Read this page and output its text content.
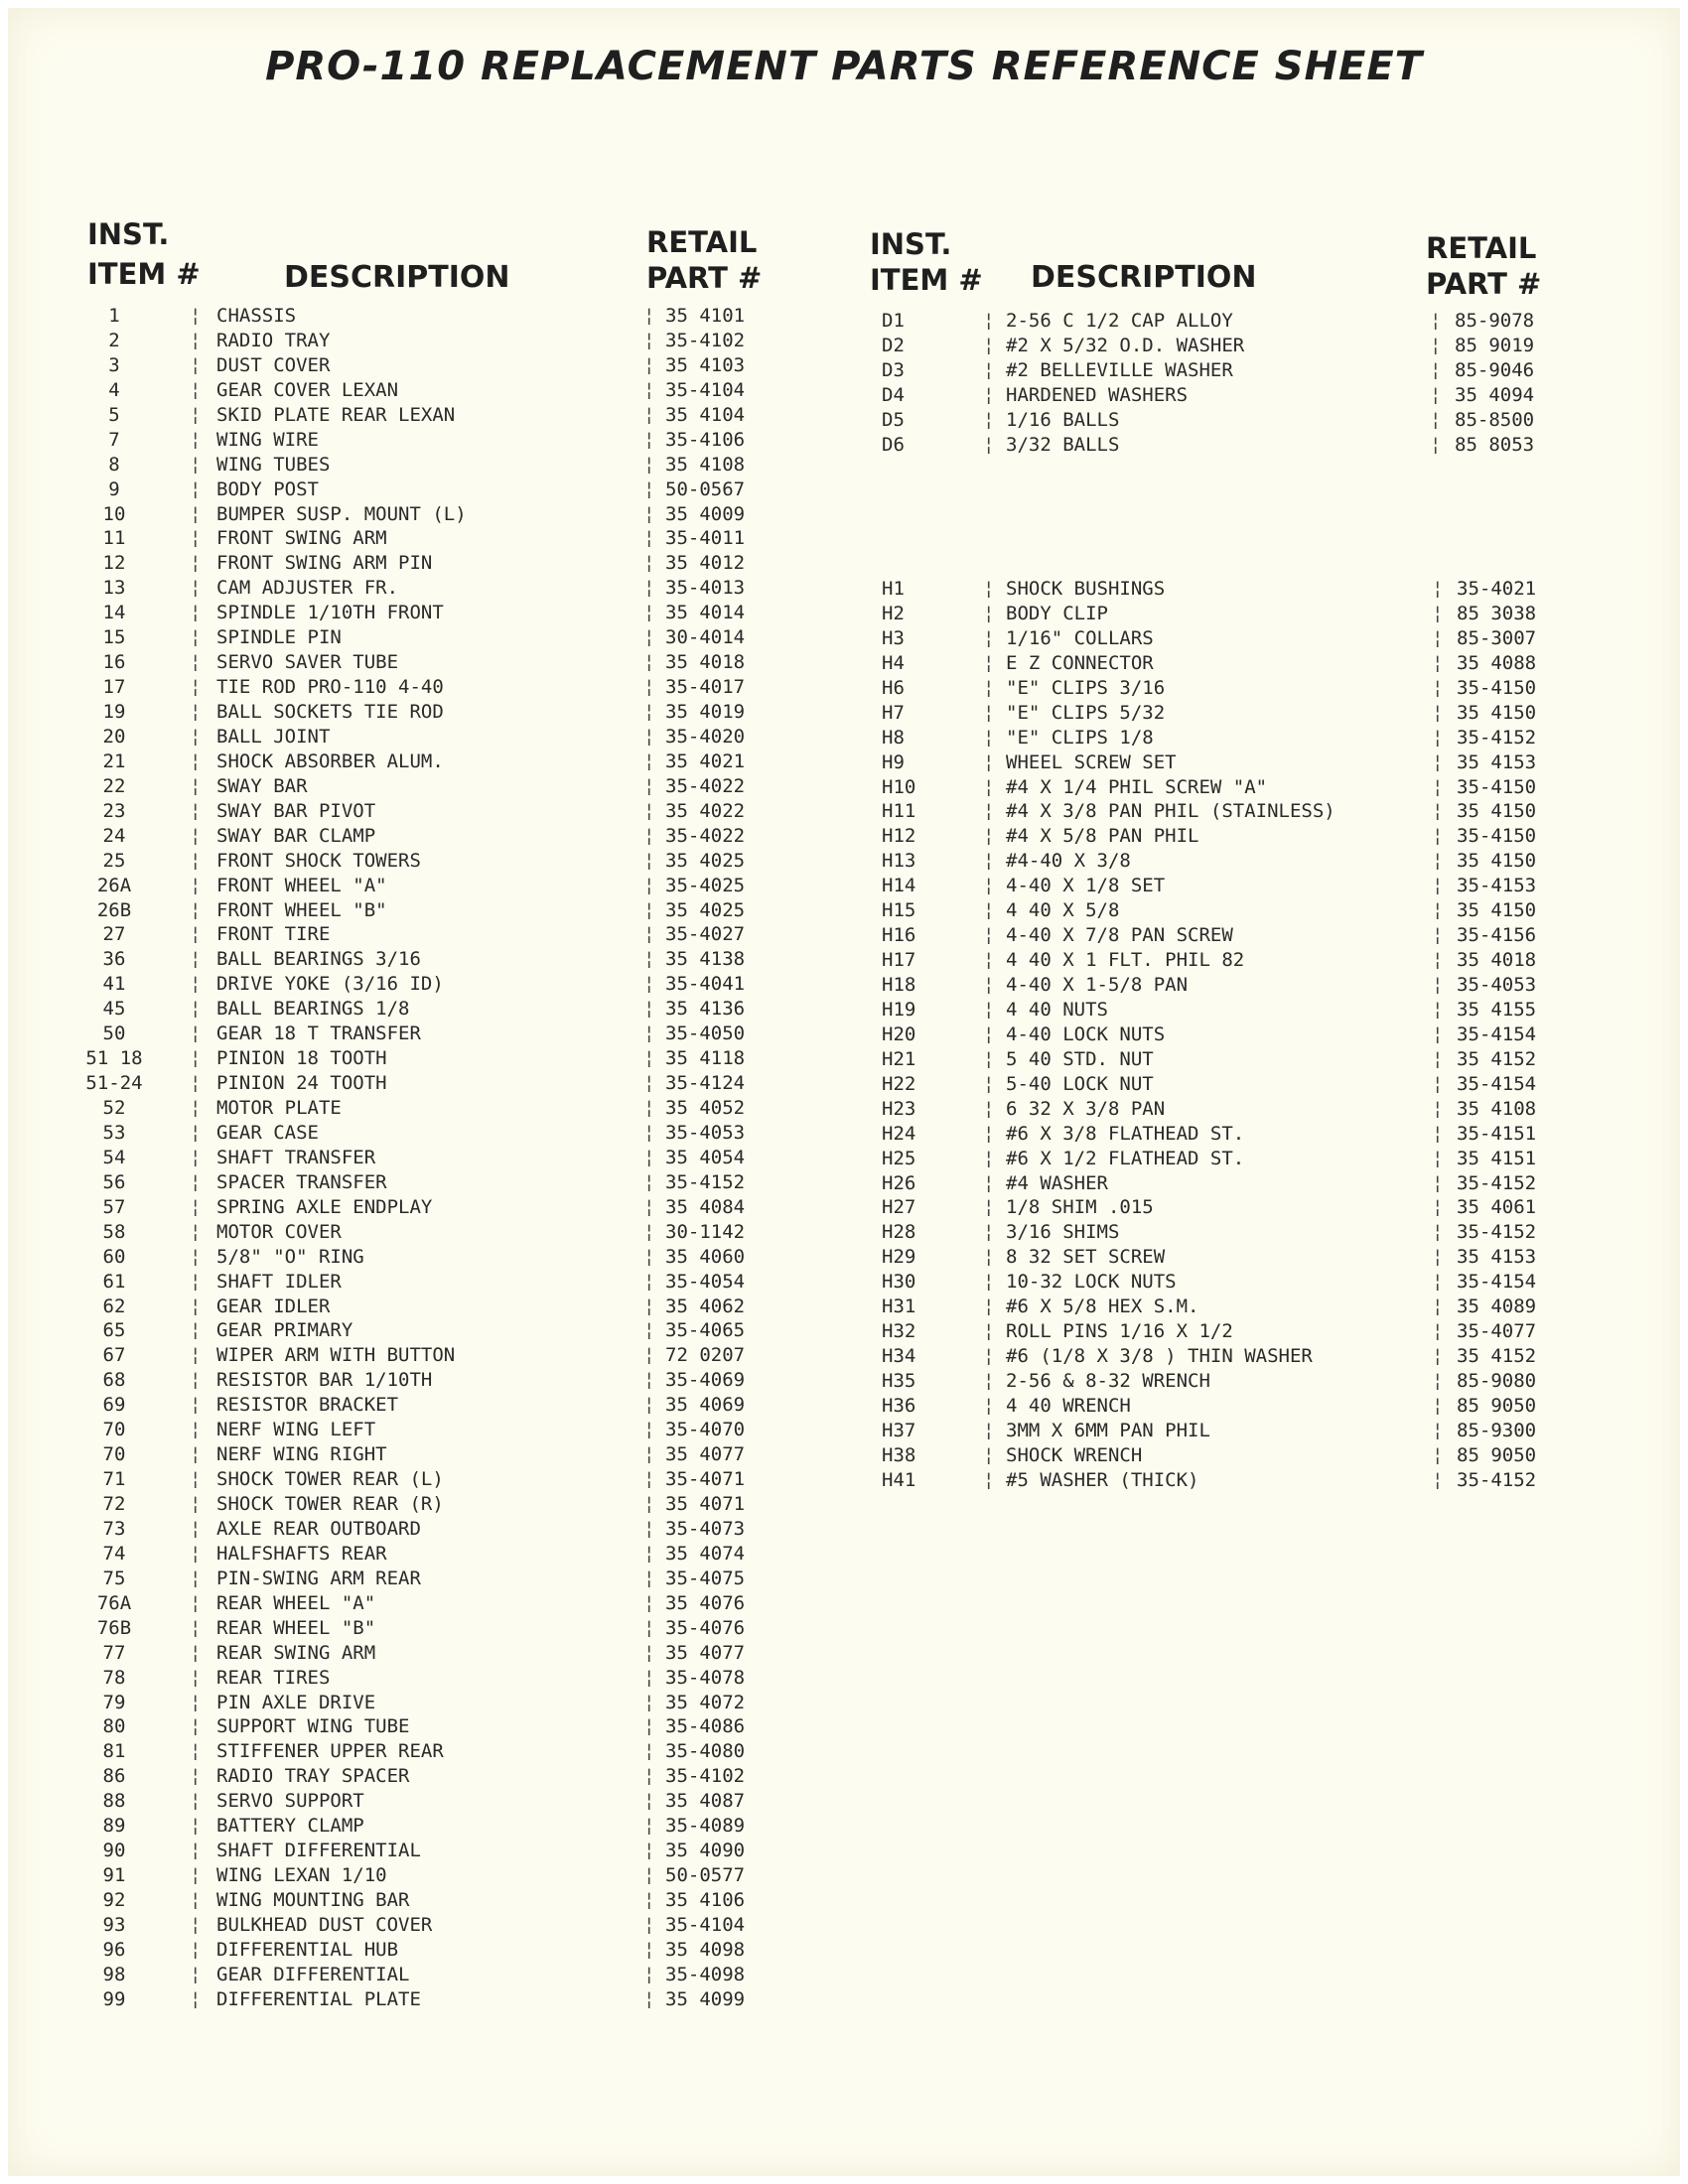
PRO-110 REPLACEMENT PARTS REFERENCE SHEET
INST.
ITEM #	DESCRIPTION
RETAIL
PART #
INST.
ITEM # DESCRIPTION
RETAIL
PART #
1	¦ CHASSIS	¦ 35 4101
2	¦ RADIO TRAY	¦ 35-4102
3	¦ DUST COVER	¦ 35 4103
4	¦ GEAR COVER LEXAN	¦ 35-4104
5	¦ SKID PLATE REAR LEXAN	¦ 35 4104
7	¦ WING WIRE	¦ 35-4106
8	¦ WING TUBES	¦ 35 4108
9	¦ BODY POST	¦ 50-0567
10	¦ BUMPER SUSP. MOUNT (L)	¦ 35 4009
11	¦ FRONT SWING ARM	¦ 35-4011
12	¦ FRONT SWING ARM PIN	¦ 35 4012
13	¦ CAM ADJUSTER FR.	¦ 35-4013
14	¦ SPINDLE 1/10TH FRONT	¦ 35 4014
15	¦ SPINDLE PIN	¦ 30-4014
16	¦ SERVO SAVER TUBE	¦ 35 4018
17	¦ TIE ROD PRO-110 4-40	¦ 35-4017
19	¦ BALL SOCKETS TIE ROD	¦ 35 4019
20	¦ BALL JOINT	¦ 35-4020
21	¦ SHOCK ABSORBER ALUM.	¦ 35 4021
22	¦ SWAY BAR	¦ 35-4022
23	¦ SWAY BAR PIVOT	¦ 35 4022
24	¦ SWAY BAR CLAMP	¦ 35-4022
25	¦ FRONT SHOCK TOWERS	¦ 35 4025
26A	¦ FRONT WHEEL "A"	¦ 35-4025
26B	¦ FRONT WHEEL "B"	¦ 35 4025
27	¦ FRONT TIRE	¦ 35-4027
36	¦ BALL BEARINGS 3/16	¦ 35 4138
41	¦ DRIVE YOKE (3/16 ID)	¦ 35-4041
45	¦ BALL BEARINGS 1/8	¦ 35 4136
50	¦ GEAR 18 T TRANSFER	¦ 35-4050
51 18	¦ PINION 18 TOOTH	¦ 35 4118
51-24	¦ PINION 24 TOOTH	¦ 35-4124
52	¦ MOTOR PLATE	¦ 35 4052
53	¦ GEAR CASE	¦ 35-4053
54	¦ SHAFT TRANSFER	¦ 35 4054
56	¦ SPACER TRANSFER	¦ 35-4152
57	¦ SPRING AXLE ENDPLAY	¦ 35 4084
58	¦ MOTOR COVER	¦ 30-1142
60	¦ 5/8" "O" RING	¦ 35 4060
61	¦ SHAFT IDLER	¦ 35-4054
62	¦ GEAR IDLER	¦ 35 4062
65	¦ GEAR PRIMARY	¦ 35-4065
67	¦ WIPER ARM WITH BUTTON	¦ 72 0207
68	¦ RESISTOR BAR 1/10TH	¦ 35-4069
69	¦ RESISTOR BRACKET	¦ 35 4069
70	¦ NERF WING LEFT	¦ 35-4070
70	¦ NERF WING RIGHT	¦ 35 4077
71	¦ SHOCK TOWER REAR (L)	¦ 35-4071
72	¦ SHOCK TOWER REAR (R)	¦ 35 4071
73	¦ AXLE REAR OUTBOARD	¦ 35-4073
74	¦ HALFSHAFTS REAR	¦ 35 4074
75	¦ PIN-SWING ARM REAR	¦ 35-4075
76A	¦ REAR WHEEL "A"	¦ 35 4076
76B	¦ REAR WHEEL "B"	¦ 35-4076
77	¦ REAR SWING ARM	¦ 35 4077
78	¦ REAR TIRES	¦ 35-4078
79	¦ PIN AXLE DRIVE	¦ 35 4072
80	¦ SUPPORT WING TUBE	¦ 35-4086
81	¦ STIFFENER UPPER REAR	¦ 35-4080
86	¦ RADIO TRAY SPACER	¦ 35-4102
88	¦ SERVO SUPPORT	¦ 35 4087
89	¦ BATTERY CLAMP	¦ 35-4089
90	¦ SHAFT DIFFERENTIAL	¦ 35 4090
91	¦ WING LEXAN 1/10	¦ 50-0577
92	¦ WING MOUNTING BAR	¦ 35 4106
93	¦ BULKHEAD DUST COVER	¦ 35-4104
96	¦ DIFFERENTIAL HUB	¦ 35 4098
98	¦ GEAR DIFFERENTIAL	¦ 35-4098
99	¦ DIFFERENTIAL PLATE	¦ 35 4099
D1	¦ 2-56 C 1/2 CAP ALLOY	¦ 85-9078
D2	¦ #2 X 5/32 O.D. WASHER	¦ 85 9019
D3	¦ #2 BELLEVILLE WASHER	¦ 85-9046
D4	¦ HARDENED WASHERS	¦ 35 4094
D5	¦ 1/16 BALLS	¦ 85-8500
D6	¦ 3/32 BALLS	¦ 85 8053
H1	¦ SHOCK BUSHINGS	¦ 35-4021
H2	¦ BODY CLIP	¦ 85 3038
H3	¦ 1/16" COLLARS	¦ 85-3007
H4	¦ E Z CONNECTOR	¦ 35 4088
H6	¦ "E" CLIPS 3/16	¦ 35-4150
H7	¦ "E" CLIPS 5/32	¦ 35 4150
H8	¦ "E" CLIPS 1/8	¦ 35-4152
H9	¦ WHEEL SCREW SET	¦ 35 4153
H10	¦ #4 X 1/4 PHIL SCREW "A"	¦ 35-4150
H11	¦ #4 X 3/8 PAN PHIL (STAINLESS)	¦ 35 4150
H12	¦ #4 X 5/8 PAN PHIL	¦ 35-4150
H13	¦ #4-40 X 3/8	¦ 35 4150
H14	¦ 4-40 X 1/8 SET	¦ 35-4153
H15	¦ 4 40 X 5/8	¦ 35 4150
H16	¦ 4-40 X 7/8 PAN SCREW	¦ 35-4156
H17	¦ 4 40 X 1 FLT. PHIL 82	¦ 35 4018
H18	¦ 4-40 X 1-5/8 PAN	¦ 35-4053
H19	¦ 4 40 NUTS	¦ 35 4155
H20	¦ 4-40 LOCK NUTS	¦ 35-4154
H21	¦ 5 40 STD. NUT	¦ 35 4152
H22	¦ 5-40 LOCK NUT	¦ 35-4154
H23	¦ 6 32 X 3/8 PAN	¦ 35 4108
H24	¦ #6 X 3/8 FLATHEAD ST.	¦ 35-4151
H25	¦ #6 X 1/2 FLATHEAD ST.	¦ 35 4151
H26	¦ #4 WASHER	¦ 35-4152
H27	¦ 1/8 SHIM .015	¦ 35 4061
H28	¦ 3/16 SHIMS	¦ 35-4152
H29	¦ 8 32 SET SCREW	¦ 35 4153
H30	¦ 10-32 LOCK NUTS	¦ 35-4154
H31	¦ #6 X 5/8 HEX S.M.	¦ 35 4089
H32	¦ ROLL PINS 1/16 X 1/2	¦ 35-4077
H34	¦ #6 (1/8 X 3/8 ) THIN WASHER	¦ 35 4152
H35	¦ 2-56 & 8-32 WRENCH	¦ 85-9080
H36	¦ 4 40 WRENCH	¦ 85 9050
H37	¦ 3MM X 6MM PAN PHIL	¦ 85-9300
H38	¦ SHOCK WRENCH	¦ 85 9050
H41	¦ #5 WASHER (THICK)	¦ 35-4152
